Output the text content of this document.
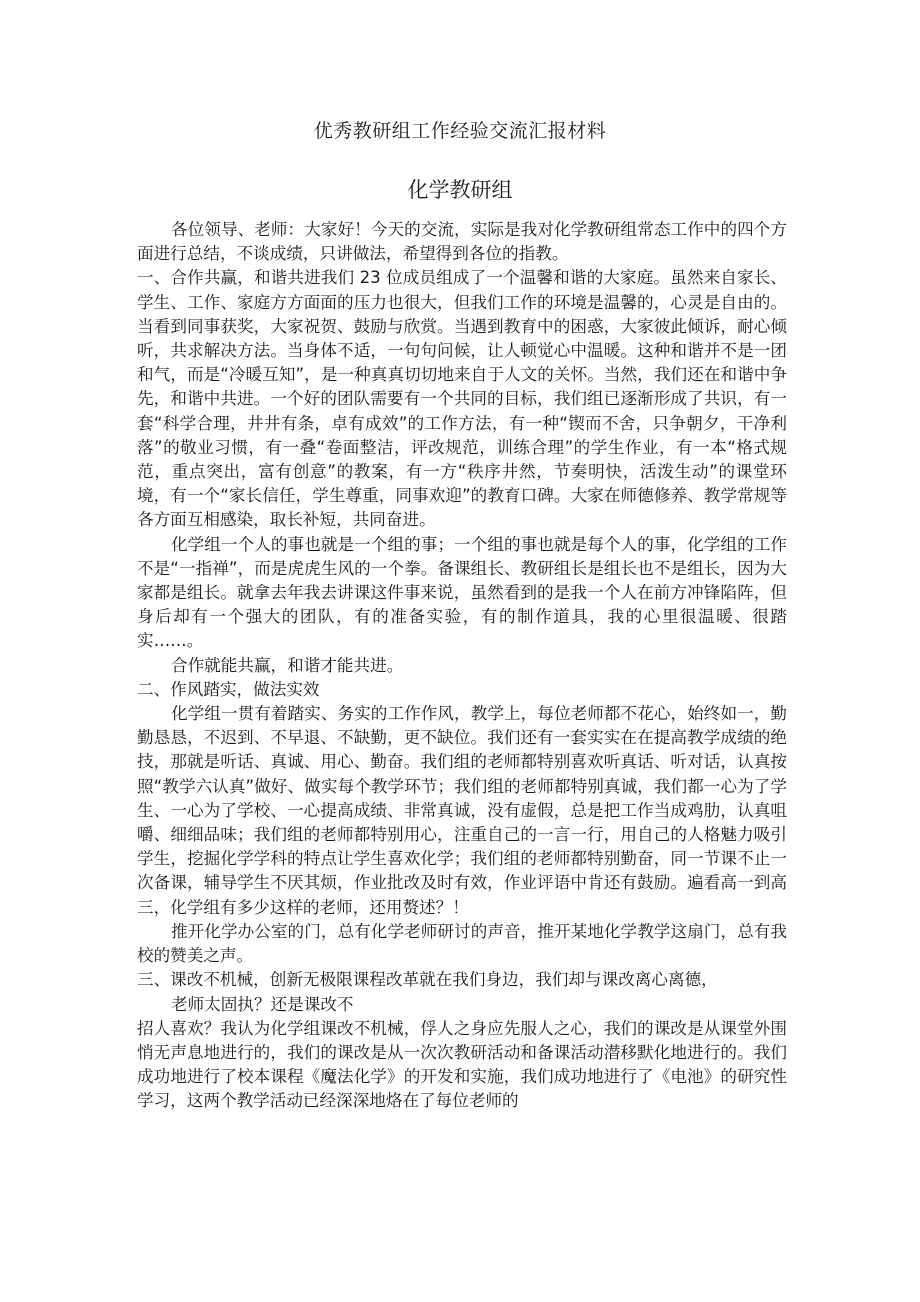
优秀教研组工作经验交流汇报材料
化学教研组

各位领导、老师：大家好！今天的交流，实际是我对化学教研组常态工作中的四个方面进行总结，不谈成绩，只讲做法，希望得到各位的指教。

一、合作共赢，和谐共进我们 23 位成员组成了一个温馨和谐的大家庭。虽然来自家长、学生、工作、家庭方方面面的压力也很大，但我们工作的环境是温馨的，心灵是自由的。当看到同事获奖，大家祝贺、鼓励与欣赏。当遇到教育中的困惑，大家彼此倾诉，耐心倾听，共求解决方法。当身体不适，一句句问候，让人顿觉心中温暖。这种和谐并不是一团和气，而是“冷暖互知”，是一种真真切切地来自于人文的关怀。当然，我们还在和谐中争先，和谐中共进。一个好的团队需要有一个共同的目标，我们组已逐渐形成了共识，有一套“科学合理，井井有条，卓有成效”的工作方法，有一种“锲而不舍，只争朝夕，干净利落”的敬业习惯，有一叠“卷面整洁，评改规范，训练合理”的学生作业，有一本“格式规范，重点突出，富有创意”的教案，有一方“秩序井然，节奏明快，活泼生动”的课堂环境，有一个“家长信任，学生尊重，同事欢迎”的教育口碑。大家在师德修养、教学常规等各方面互相感染，取长补短，共同奋进。

化学组一个人的事也就是一个组的事；一个组的事也就是每个人的事，化学组的工作不是“一指禅”，而是虎虎生风的一个拳。备课组长、教研组长是组长也不是组长，因为大家都是组长。就拿去年我去讲课这件事来说，虽然看到的是我一个人在前方冲锋陷阵，但身后却有一个强大的团队，有的准备实验，有的制作道具，我的心里很温暖、很踏实……。

合作就能共赢，和谐才能共进。

二、作风踏实，做法实效

化学组一贯有着踏实、务实的工作作风，教学上，每位老师都不花心，始终如一，勤勤恳恳，不迟到、不早退、不缺勤，更不缺位。我们还有一套实实在在提高教学成绩的绝技，那就是听话、真诚、用心、勤奋。我们组的老师都特别喜欢听真话、听对话，认真按照“教学六认真”做好、做实每个教学环节；我们组的老师都特别真诚，我们都一心为了学生、一心为了学校、一心提高成绩、非常真诚，没有虚假，总是把工作当成鸡肋，认真咀嚼、细细品味；我们组的老师都特别用心，注重自己的一言一行，用自己的人格魅力吸引学生，挖掘化学学科的特点让学生喜欢化学；我们组的老师都特别勤奋，同一节课不止一次备课，辅导学生不厌其烦，作业批改及时有效，作业评语中肯还有鼓励。遍看高一到高三，化学组有多少这样的老师，还用赘述？！

推开化学办公室的门，总有化学老师研讨的声音，推开某地化学教学这扇门，总有我校的赞美之声。

三、课改不机械，创新无极限课程改革就在我们身边，我们却与课改离心离德，

老师太固执？还是课改不

招人喜欢？我认为化学组课改不机械，俘人之身应先服人之心，我们的课改是从课堂外围悄无声息地进行的，我们的课改是从一次次教研活动和备课活动潜移默化地进行的。我们成功地进行了校本课程《魔法化学》的开发和实施，我们成功地进行了《电池》的研究性学习，这两个教学活动已经深深地烙在了每位老师的
